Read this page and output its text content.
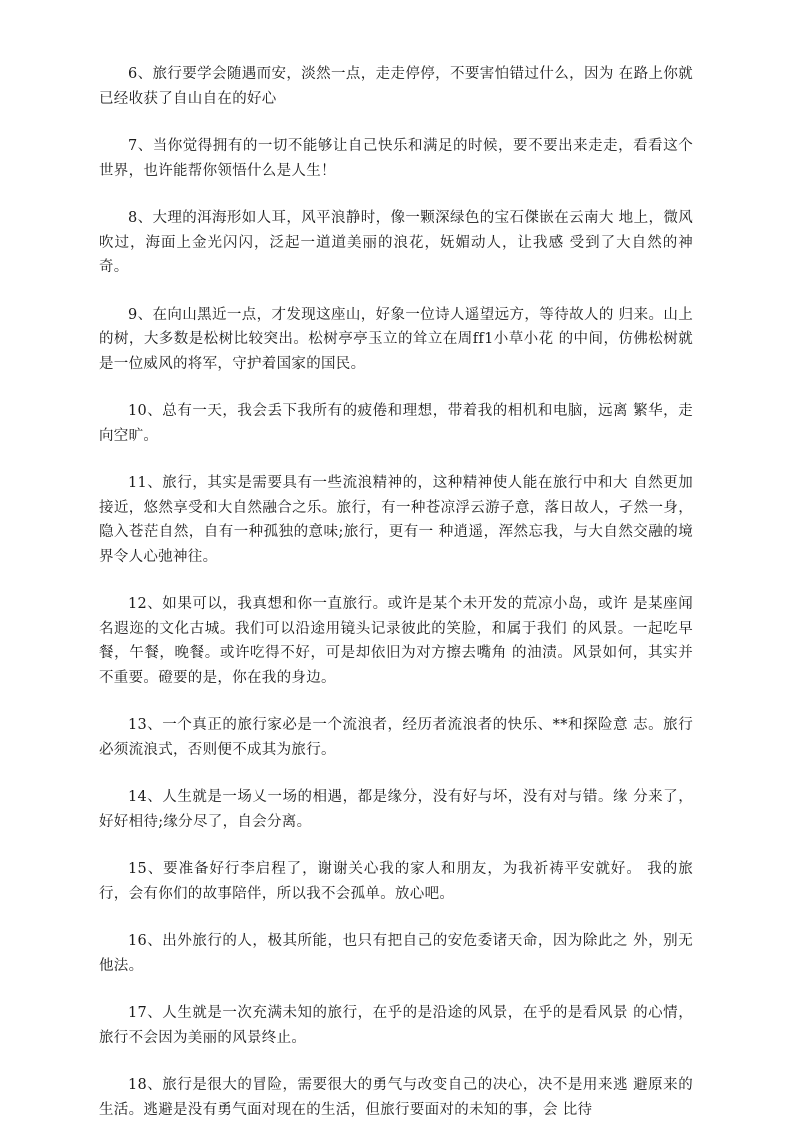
6、旅行要学会随遇而安，淡然一点，走走停停，不要害怕错过什么，因为 在路上你就已经收获了自山自在的好心

7、当你觉得拥有的一切不能够让自己快乐和满足的时候，要不要出来走走，看看这个世界，也许能帮你领悟什么是人生！

8、大理的洱海形如人耳，风平浪静时，像一颗深绿色的宝石傑嵌在云南大 地上，微风吹过，海面上金光闪闪，泛起一道道美丽的浪花，妩媚动人，让我感 受到了大自然的神奇。

9、在向山黑近一点，才发现这座山，好象一位诗人遥望远方，等待故人的 归来。山上的树，大多数是松树比较突出。松树亭亭玉立的耸立在周ff1小草小花 的中间，仿佛松树就是一位威风的将军，守护着国家的国民。

10、总有一天，我会丢下我所有的疲倦和理想，带着我的相机和电脑，远离 繁华，走向空旷。

11、旅行，其实是需要具有一些流浪精神的，这种精神使人能在旅行中和大 自然更加接近，悠然享受和大自然融合之乐。旅行，有一种苍凉浮云游子意，落日故人，孑然一身，隐入苍茫自然，自有一种孤独的意味;旅行，更有一 种逍遥，浑然忘我，与大自然交融的境界令人心弛神往。

12、如果可以，我真想和你一直旅行。或许是某个未开发的荒凉小岛，或许 是某座闻名遐迩的文化古城。我们可以沿途用镜头记录彼此的笑脸，和属于我们 的风景。一起吃早餐，午餐，晚餐。或许吃得不好，可是却依旧为对方擦去嘴角 的油渍。风景如何，其实并不重要。磴要的是，你在我的身边。

13、一个真正的旅行家必是一个流浪者，经历者流浪者的快乐、**和探险意 志。旅行必须流浪式，否则便不成其为旅行。

14、人生就是一场乂一场的相遇，都是缘分，没有好与坏，没有对与错。缘 分来了，好好相待;缘分尽了，自会分离。

15、要准备好行李启程了，谢谢关心我的家人和朋友，为我祈祷平安就好。 我的旅行，会有你们的故事陪伴，所以我不会孤单。放心吧。

16、出外旅行的人，极其所能，也只有把自己的安危委诸天命，因为除此之 外，别无他法。

17、人生就是一次充满未知的旅行，在乎的是沿途的风景，在乎的是看风景 的心情，旅行不会因为美丽的风景终止。

18、旅行是很大的冒险，需要很大的勇气与改变自己的决心，决不是用来逃 避原来的生活。逃避是没有勇气面对现在的生活，但旅行要面对的未知的事，会 比待
